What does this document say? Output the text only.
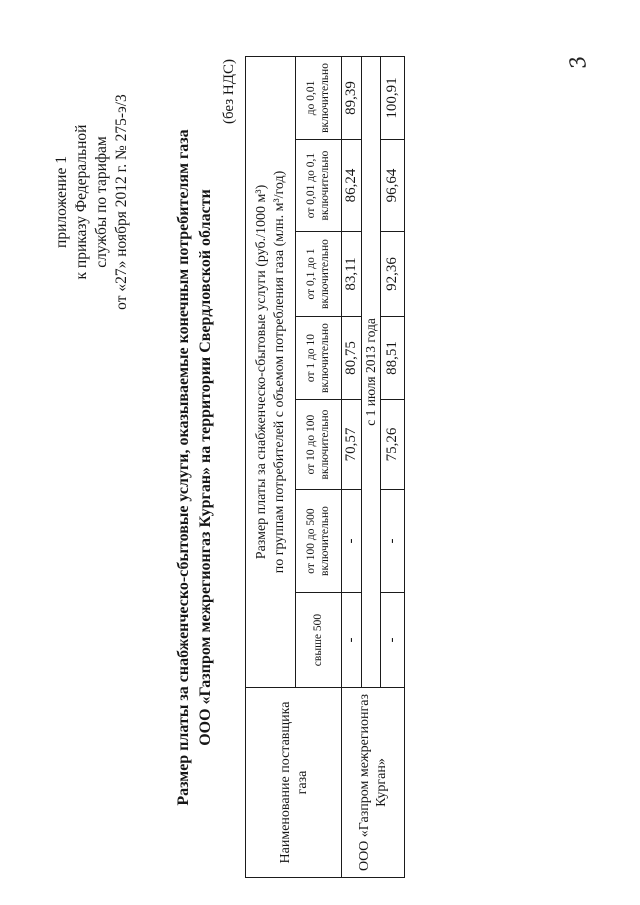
приложение 1 к приказу Федеральной службы по тарифам от «27» ноября 2012 г. № 275-э/3	Размер платы за снабженческо-сбытовые услуги, оказываемые конечным потребителям газа ООО «Газпром межрегионгаз Курган» на территории Свердловской области
(без НДС)
Наименование поставщика газа	Размер платы за снабженческо-сбытовые услуги (руб./1000 м³) по группам потребителей с объемом потребления газа (млн. м³/год)						

	свыше 500	от 100 до 500 включительно	от 10 до 100 включительно	от 1 до 10 включительно	от 0,1 до 1 включительно	от 0,01 до 0,1 включительно	до 0,01 включительно

ООО «Газпром межрегионгаз Курган»	-	-	70,57	80,75	83,11	86,24	89,39
	с 1 июля 2013 года						
	-	-	75,26	88,51	92,36	96,64	100,91
3
